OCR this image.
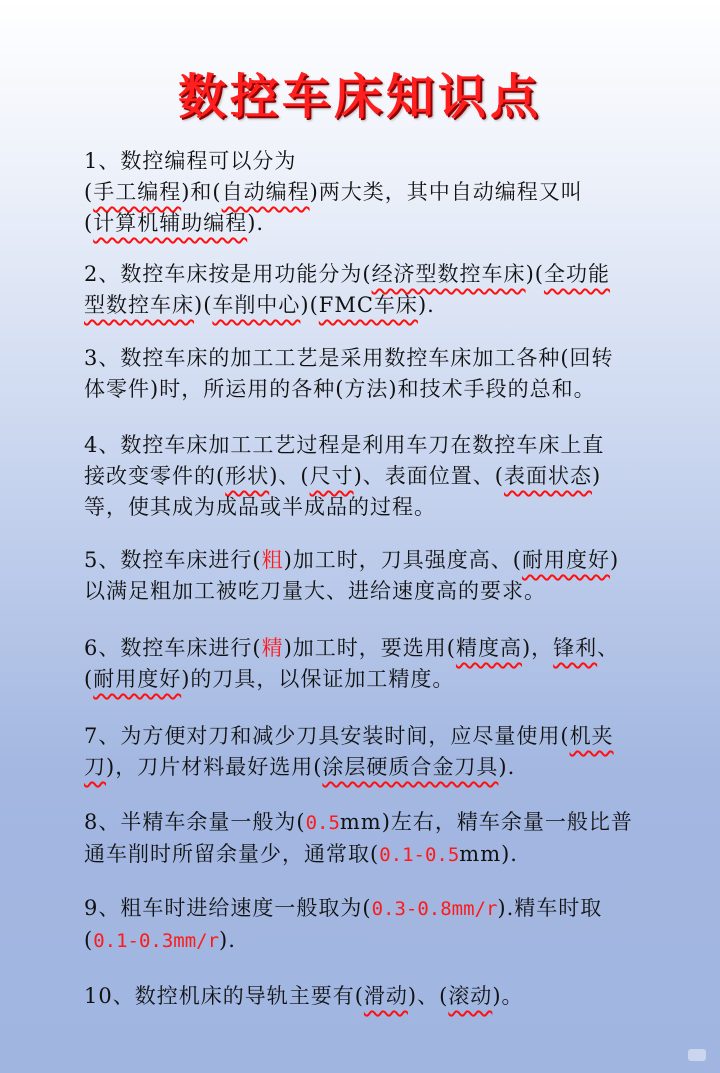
数控车床知识点
1、数控编程可以分为
(手工编程)和(自动编程)两大类，其中自动编程又叫
(计算机辅助编程).
2、数控车床按是用功能分为(经济型数控车床)(全功能
型数控车床)(车削中心)(FMC车床).
3、数控车床的加工工艺是采用数控车床加工各种(回转
体零件)时，所运用的各种(方法)和技术手段的总和。
4、数控车床加工工艺过程是利用车刀在数控车床上直
接改变零件的(形状)、(尺寸)、表面位置、(表面状态)
等，使其成为成品或半成品的过程。
5、数控车床进行(粗)加工时，刀具强度高、(耐用度好)
以满足粗加工被吃刀量大、进给速度高的要求。
6、数控车床进行(精)加工时，要选用(精度高)，锋利、
(耐用度好)的刀具，以保证加工精度。
7、为方便对刀和减少刀具安装时间，应尽量使用(机夹
刀)，刀片材料最好选用(涂层硬质合金刀具).
8、半精车余量一般为(0.5mm)左右，精车余量一般比普
通车削时所留余量少，通常取(0.1-0.5mm).
9、粗车时进给速度一般取为(0.3-0.8mm/r).精车时取
(0.1-0.3mm/r).
10、数控机床的导轨主要有(滑动)、(滚动)。
